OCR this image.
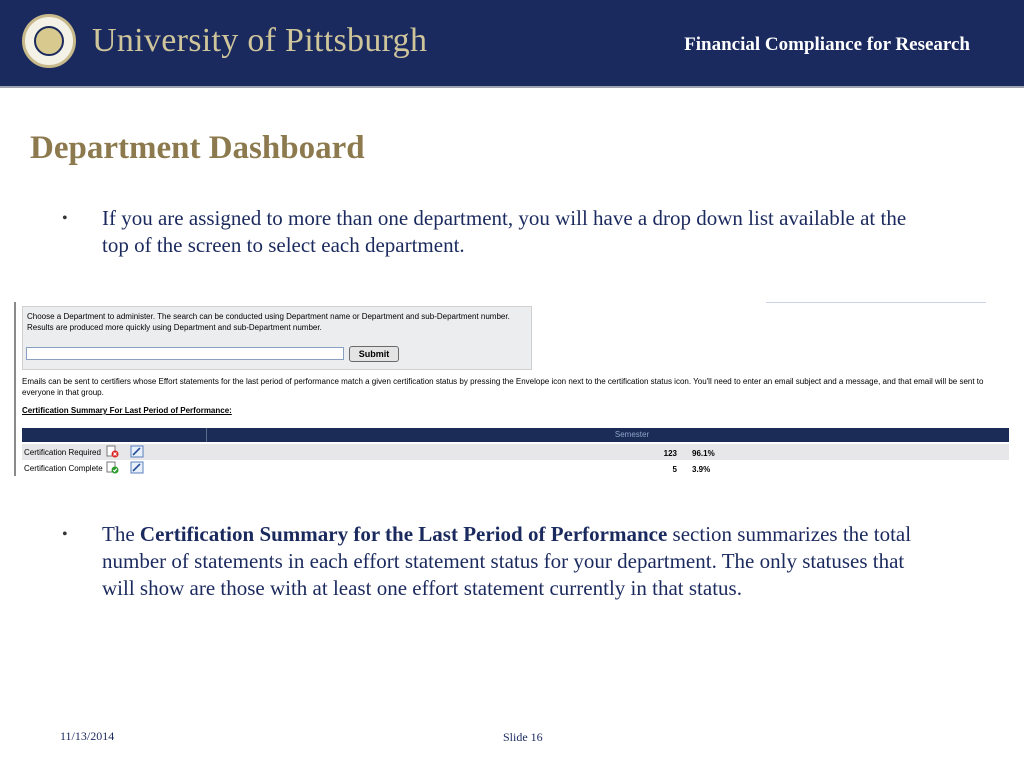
University of Pittsburgh	Financial Compliance for Research
Department Dashboard
• If you are assigned to more than one department, you will have a drop down list available at the top of the screen to select each department.
Choose a Department to administer. The search can be conducted using Department name or Department and sub-Department number. Results are produced more quickly using Department and sub-Department number.
Submit
Emails can be sent to certifiers whose Effort statements for the last period of performance match a given certification status by pressing the Envelope icon next to the certification status icon. You'll need to enter an email subject and a message, and that email will be sent to everyone in that group.
Certification Summary For Last Period of Performance:
Semester
Certification Required	123 96.1%
Certification Complete	5 3.9%
• The Certification Summary for the Last Period of Performance section summarizes the total number of statements in each effort statement status for your department. The only statuses that will show are those with at least one effort statement currently in that status.
11/13/2014	Slide 16
